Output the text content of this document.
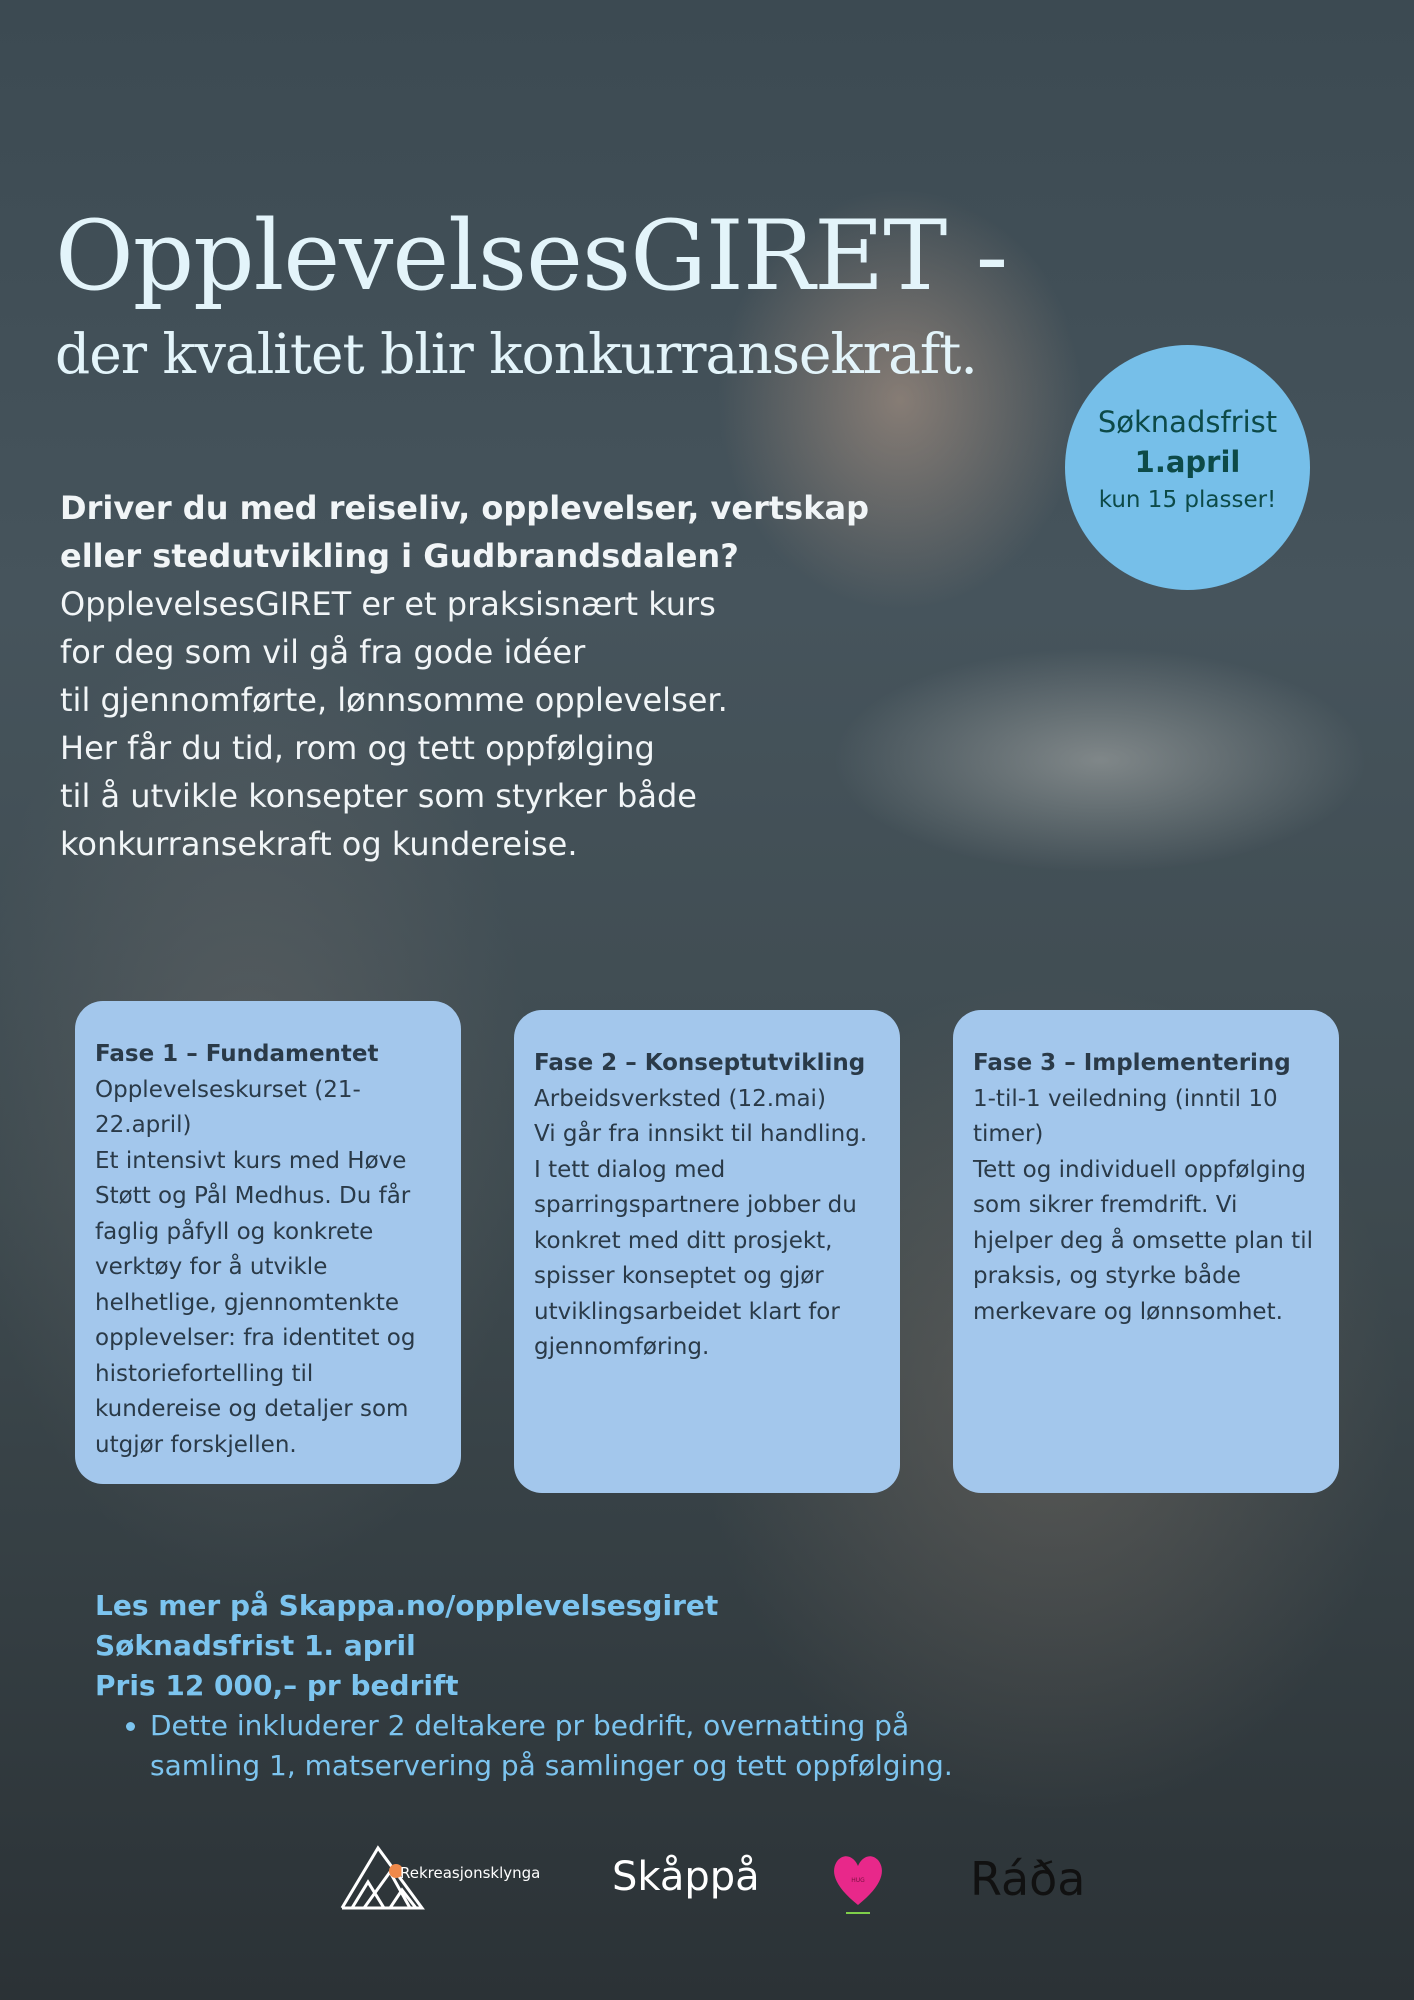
OpplevelsesGIRET -
der kvalitet blir konkurransekraft.
Søknadsfrist
1.april
kun 15 plasser!
Driver du med reiseliv, opplevelser, vertskap
eller stedutvikling i Gudbrandsdalen?
OpplevelsesGIRET er et praksisnært kurs
for deg som vil gå fra gode idéer
til gjennomførte, lønnsomme opplevelser.
Her får du tid, rom og tett oppfølging
til å utvikle konsepter som styrker både
konkurransekraft og kundereise.
Fase 1 – Fundamentet
Opplevelseskurset (21-22.april)
Et intensivt kurs med Høve Støtt og Pål Medhus. Du får faglig påfyll og konkrete verktøy for å utvikle helhetlige, gjennomtenkte opplevelser: fra identitet og historiefortelling til kundereise og detaljer som utgjør forskjellen.
Fase 2 – Konseptutvikling
Arbeidsverksted (12.mai)
Vi går fra innsikt til handling. I tett dialog med sparringspartnere jobber du konkret med ditt prosjekt, spisser konseptet og gjør utviklingsarbeidet klart for gjennomføring.
Fase 3 – Implementering
1-til-1 veiledning (inntil 10 timer)
Tett og individuell oppfølging som sikrer fremdrift. Vi hjelper deg å omsette plan til praksis, og styrke både merkevare og lønnsomhet.
Les mer på Skappa.no/opplevelsesgiret
Søknadsfrist 1. april
Pris 12 000,– pr bedrift
• Dette inkluderer 2 deltakere pr bedrift, overnatting på samling 1, matservering på samlinger og tett oppfølging.
Rekreasjonsklynga Skåppå	HUG Ráða
